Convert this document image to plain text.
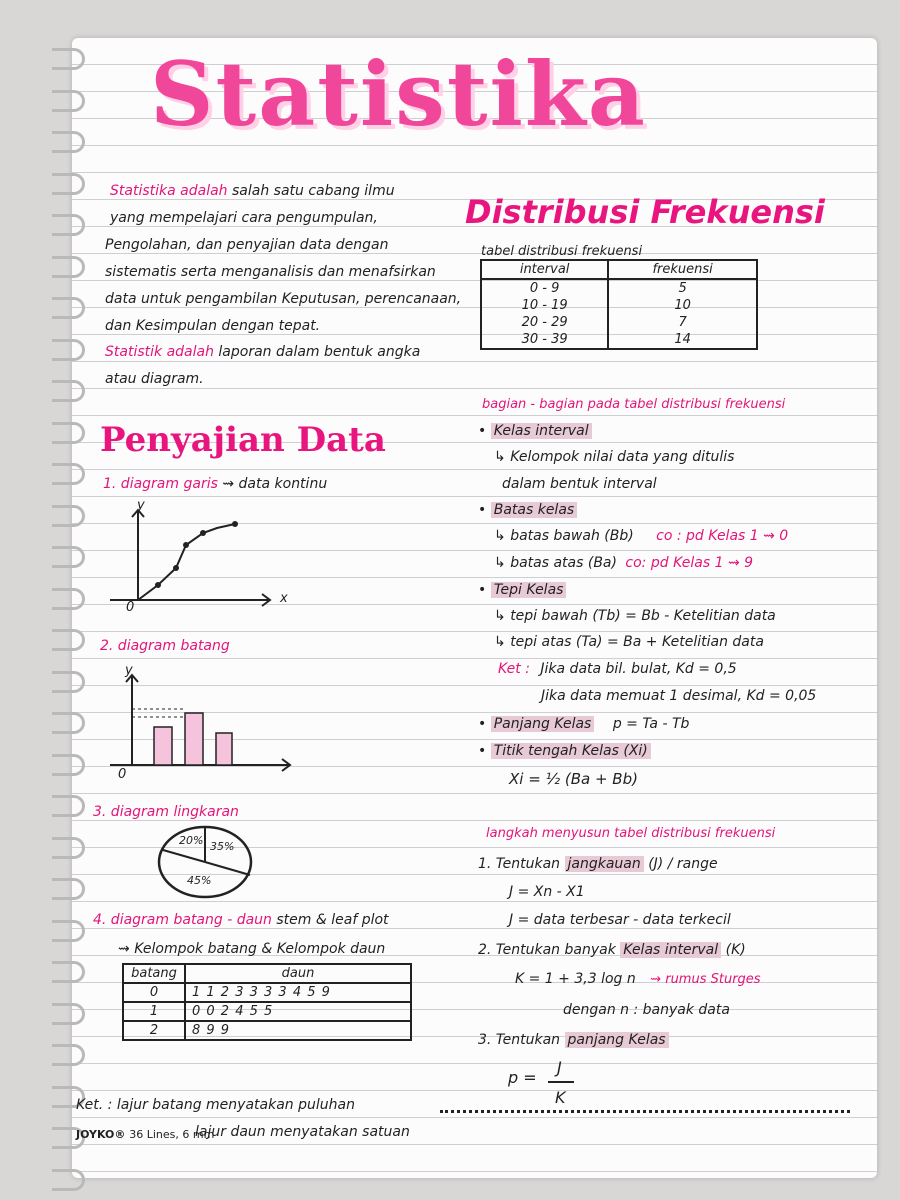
Statistika
Statistika adalah salah satu cabang ilmu
yang mempelajari cara pengumpulan,
Pengolahan, dan penyajian data dengan
sistematis serta menganalisis dan menafsirkan
data untuk pengambilan Keputusan, perencanaan,
dan Kesimpulan dengan tepat.
Statistik adalah laporan dalam bentuk angka
atau diagram.
Penyajian Data
1. diagram garis ⇝ data kontinu
y
x
0
2. diagram batang
y
0
3. diagram lingkaran
20% 35%
45%
4. diagram batang - daun stem & leaf plot
⇝ Kelompok batang & Kelompok daun
batang	daun
0	1 1 2 3 3 3 3 4 5 9
1	0 0 2 4 5 5
2	8 9 9
Ket. : lajur batang menyatakan puluhan
lajur daun menyatakan satuan
JOYKO® 36 Lines, 6 mm
Distribusi Frekuensi
tabel distribusi frekuensi
interval	frekuensi
0 - 9	5
10 - 19	10
20 - 29	7
30 - 39	14
bagian - bagian pada tabel distribusi frekuensi
• Kelas interval
↳ Kelompok nilai data yang ditulis
dalam bentuk interval
• Batas kelas
↳ batas bawah (Bb) co : pd Kelas 1 ⇝ 0
↳ batas atas (Ba) co: pd Kelas 1 ⇝ 9
• Tepi Kelas
↳ tepi bawah (Tb) = Bb - Ketelitian data
↳ tepi atas (Ta) = Ba + Ketelitian data
Ket : Jika data bil. bulat, Kd = 0,5
Jika data memuat 1 desimal, Kd = 0,05
• Panjang Kelas p = Ta - Tb
• Titik tengah Kelas (Xi)
Xi = ½ (Ba + Bb)
langkah menyusun tabel distribusi frekuensi
1. Tentukan jangkauan (J) / range
J = Xn - X1
J = data terbesar - data terkecil
2. Tentukan banyak Kelas interval (K)
K = 1 + 3,3 log n ⇝ rumus Sturges
dengan n : banyak data
3. Tentukan panjang Kelas
p =
J
K
